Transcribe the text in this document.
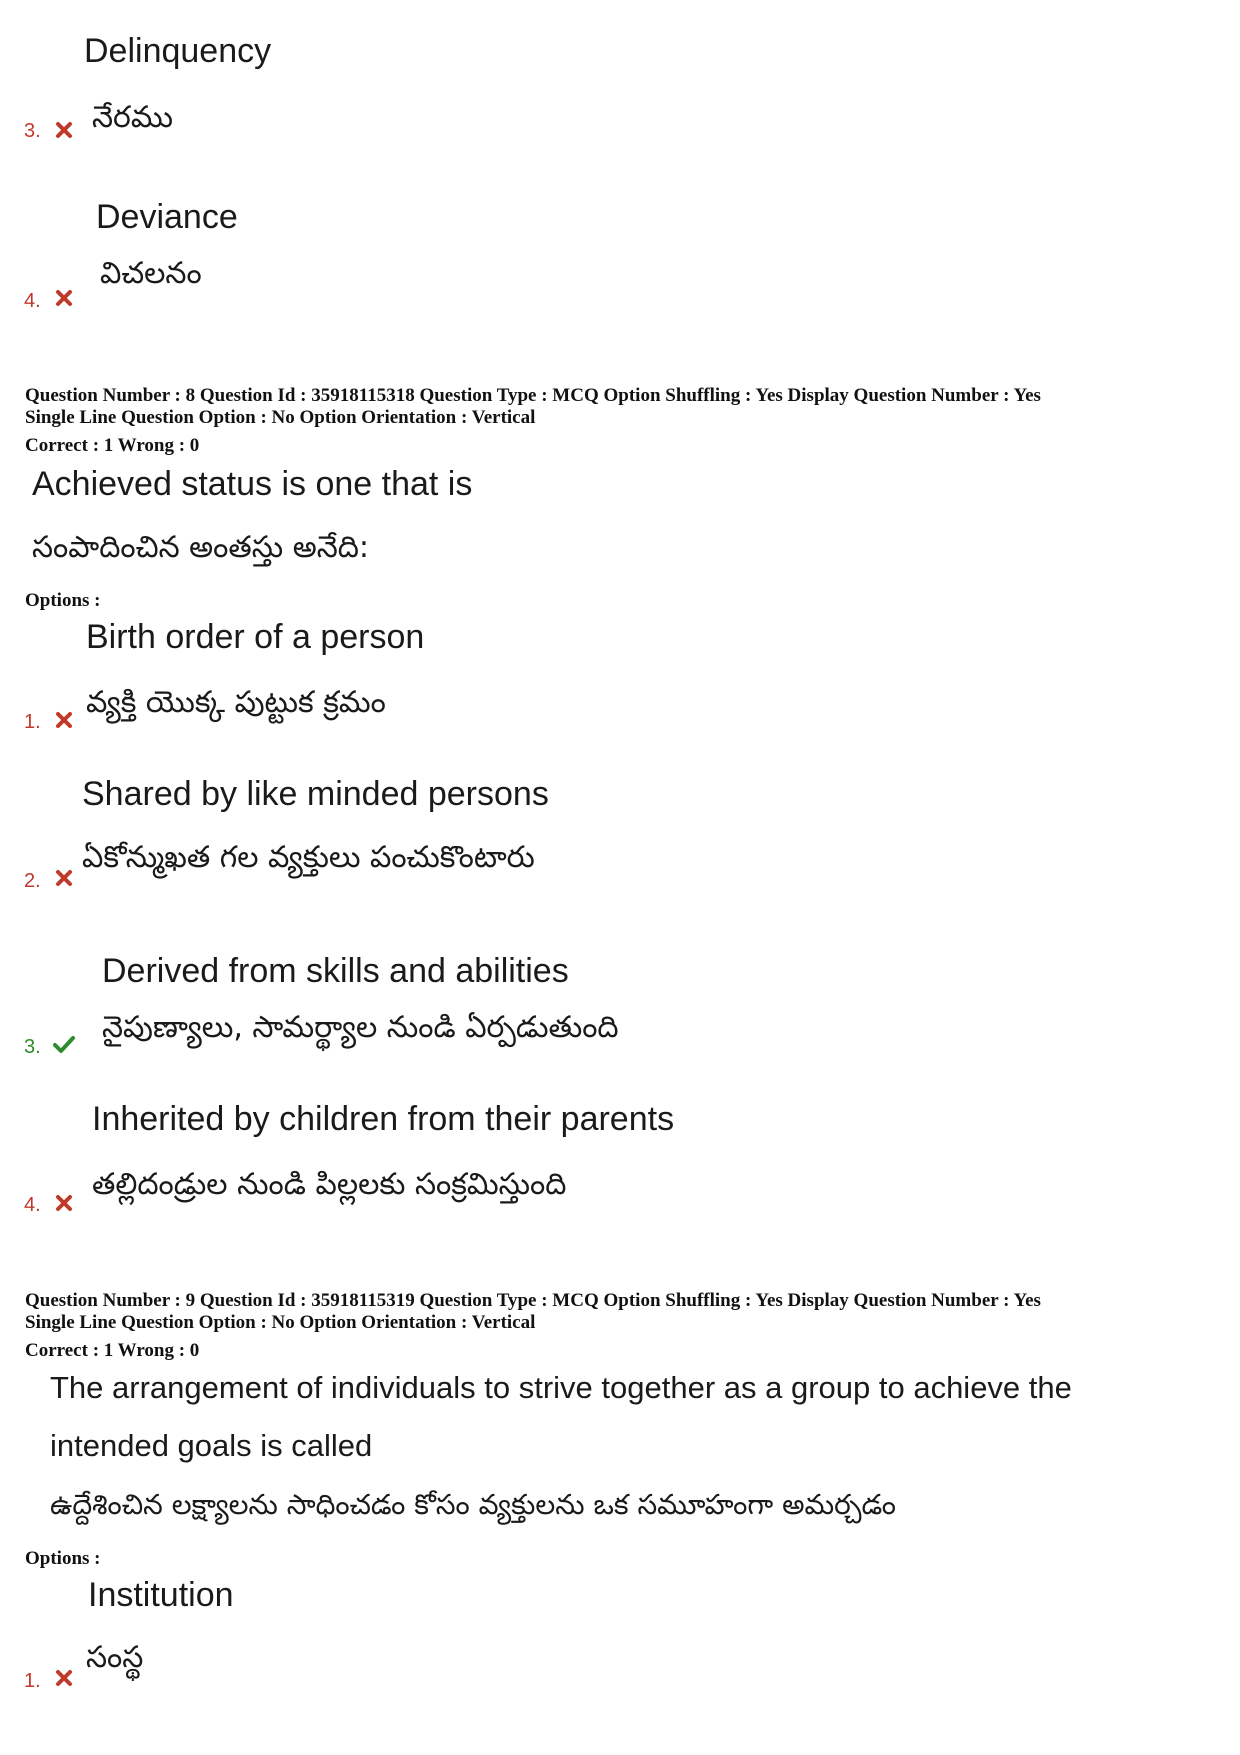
Delinquency
నేరము
3.
Deviance
విచలనం
4.
Question Number : 8 Question Id : 35918115318 Question Type : MCQ Option Shuffling : Yes Display Question Number : Yes
Single Line Question Option : No Option Orientation : Vertical
Correct : 1 Wrong : 0
Achieved status is one that is
సంపాదించిన అంతస్తు అనేది:
Options :
Birth order of a person
వ్యక్తి యొక్క పుట్టుక క్రమం
1.
Shared by like minded persons
ఏకోన్ముఖత గల వ్యక్తులు పంచుకొంటారు
2.
Derived from skills and abilities
నైపుణ్యాలు, సామర్థ్యాల నుండి ఏర్పడుతుంది
3.
Inherited by children from their parents
తల్లిదండ్రుల నుండి పిల్లలకు సంక్రమిస్తుంది
4.
Question Number : 9 Question Id : 35918115319 Question Type : MCQ Option Shuffling : Yes Display Question Number : Yes
Single Line Question Option : No Option Orientation : Vertical
Correct : 1 Wrong : 0
The arrangement of individuals to strive together as a group to achieve the
intended goals is called
ఉద్దేశించిన లక్ష్యాలను సాధించడం కోసం వ్యక్తులను ఒక సమూహంగా అమర్చడం
Options :
Institution
సంస్థ
1.
